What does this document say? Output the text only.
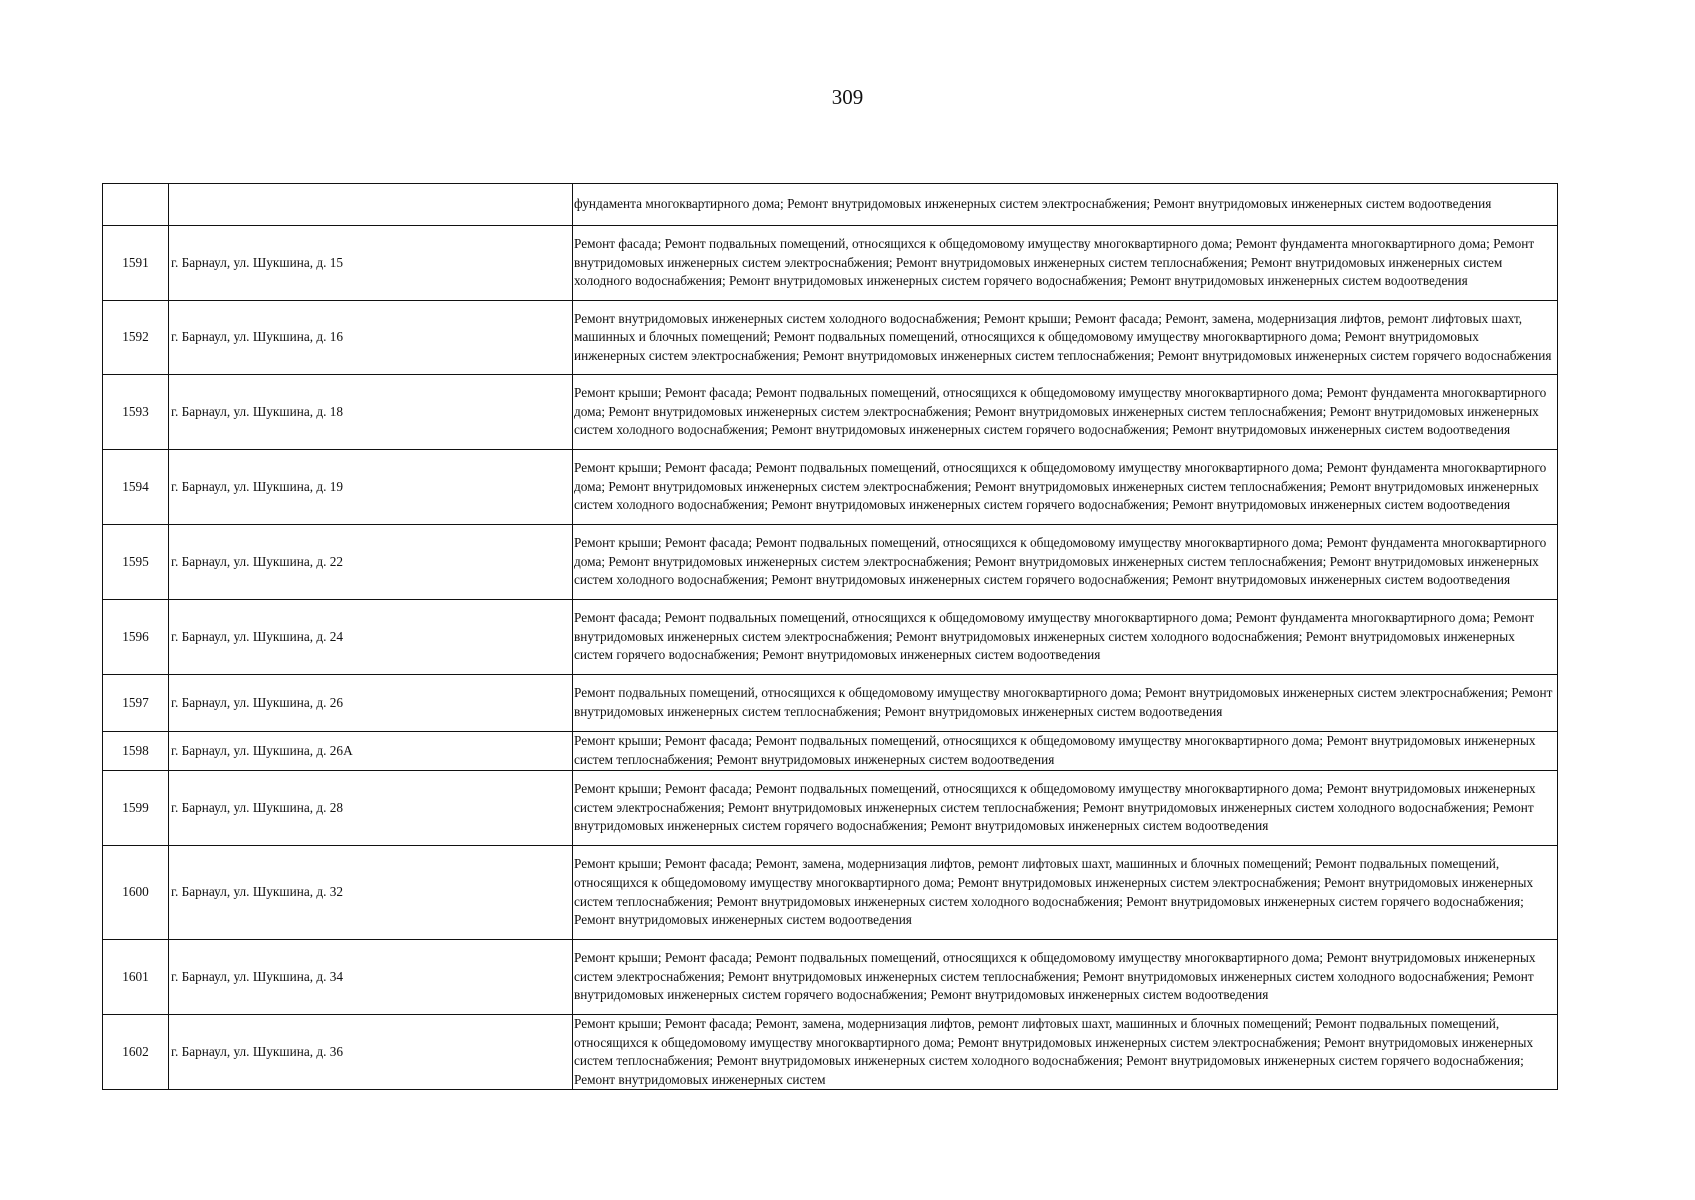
309
		фундамента многоквартирного дома; Ремонт внутридомовых инженерных систем электроснабжения; Ремонт внутридомовых инженерных систем водоотведения
1591	г. Барнаул, ул. Шукшина, д. 15	Ремонт фасада; Ремонт подвальных помещений, относящихся к общедомовому имуществу многоквартирного дома; Ремонт фундамента многоквартирного дома; Ремонт внутридомовых инженерных систем электроснабжения; Ремонт внутридомовых инженерных систем теплоснабжения; Ремонт внутридомовых инженерных систем холодного водоснабжения; Ремонт внутридомовых инженерных систем горячего водоснабжения; Ремонт внутридомовых инженерных систем водоотведения
1592	г. Барнаул, ул. Шукшина, д. 16	Ремонт внутридомовых инженерных систем холодного водоснабжения; Ремонт крыши; Ремонт фасада; Ремонт, замена, модернизация лифтов, ремонт лифтовых шахт, машинных и блочных помещений; Ремонт подвальных помещений, относящихся к общедомовому имуществу многоквартирного дома; Ремонт внутридомовых инженерных систем электроснабжения; Ремонт внутридомовых инженерных систем теплоснабжения; Ремонт внутридомовых инженерных систем горячего водоснабжения
1593	г. Барнаул, ул. Шукшина, д. 18	Ремонт крыши; Ремонт фасада; Ремонт подвальных помещений, относящихся к общедомовому имуществу многоквартирного дома; Ремонт фундамента многоквартирного дома; Ремонт внутридомовых инженерных систем электроснабжения; Ремонт внутридомовых инженерных систем теплоснабжения; Ремонт внутридомовых инженерных систем холодного водоснабжения; Ремонт внутридомовых инженерных систем горячего водоснабжения; Ремонт внутридомовых инженерных систем водоотведения
1594	г. Барнаул, ул. Шукшина, д. 19	Ремонт крыши; Ремонт фасада; Ремонт подвальных помещений, относящихся к общедомовому имуществу многоквартирного дома; Ремонт фундамента многоквартирного дома; Ремонт внутридомовых инженерных систем электроснабжения; Ремонт внутридомовых инженерных систем теплоснабжения; Ремонт внутридомовых инженерных систем холодного водоснабжения; Ремонт внутридомовых инженерных систем горячего водоснабжения; Ремонт внутридомовых инженерных систем водоотведения
1595	г. Барнаул, ул. Шукшина, д. 22	Ремонт крыши; Ремонт фасада; Ремонт подвальных помещений, относящихся к общедомовому имуществу многоквартирного дома; Ремонт фундамента многоквартирного дома; Ремонт внутридомовых инженерных систем электроснабжения; Ремонт внутридомовых инженерных систем теплоснабжения; Ремонт внутридомовых инженерных систем холодного водоснабжения; Ремонт внутридомовых инженерных систем горячего водоснабжения; Ремонт внутридомовых инженерных систем водоотведения
1596	г. Барнаул, ул. Шукшина, д. 24	Ремонт фасада; Ремонт подвальных помещений, относящихся к общедомовому имуществу многоквартирного дома; Ремонт фундамента многоквартирного дома; Ремонт внутридомовых инженерных систем электроснабжения; Ремонт внутридомовых инженерных систем холодного водоснабжения; Ремонт внутридомовых инженерных систем горячего водоснабжения; Ремонт внутридомовых инженерных систем водоотведения
1597	г. Барнаул, ул. Шукшина, д. 26	Ремонт подвальных помещений, относящихся к общедомовому имуществу многоквартирного дома; Ремонт внутридомовых инженерных систем электроснабжения; Ремонт внутридомовых инженерных систем теплоснабжения; Ремонт внутридомовых инженерных систем водоотведения
1598	г. Барнаул, ул. Шукшина, д. 26А	Ремонт крыши; Ремонт фасада; Ремонт подвальных помещений, относящихся к общедомовому имуществу многоквартирного дома; Ремонт внутридомовых инженерных систем теплоснабжения; Ремонт внутридомовых инженерных систем водоотведения
1599	г. Барнаул, ул. Шукшина, д. 28	Ремонт крыши; Ремонт фасада; Ремонт подвальных помещений, относящихся к общедомовому имуществу многоквартирного дома; Ремонт внутридомовых инженерных систем электроснабжения; Ремонт внутридомовых инженерных систем теплоснабжения; Ремонт внутридомовых инженерных систем холодного водоснабжения; Ремонт внутридомовых инженерных систем горячего водоснабжения; Ремонт внутридомовых инженерных систем водоотведения
1600	г. Барнаул, ул. Шукшина, д. 32	Ремонт крыши; Ремонт фасада; Ремонт, замена, модернизация лифтов, ремонт лифтовых шахт, машинных и блочных помещений; Ремонт подвальных помещений, относящихся к общедомовому имуществу многоквартирного дома; Ремонт внутридомовых инженерных систем электроснабжения; Ремонт внутридомовых инженерных систем теплоснабжения; Ремонт внутридомовых инженерных систем холодного водоснабжения; Ремонт внутридомовых инженерных систем горячего водоснабжения; Ремонт внутридомовых инженерных систем водоотведения
1601	г. Барнаул, ул. Шукшина, д. 34	Ремонт крыши; Ремонт фасада; Ремонт подвальных помещений, относящихся к общедомовому имуществу многоквартирного дома; Ремонт внутридомовых инженерных систем электроснабжения; Ремонт внутридомовых инженерных систем теплоснабжения; Ремонт внутридомовых инженерных систем холодного водоснабжения; Ремонт внутридомовых инженерных систем горячего водоснабжения; Ремонт внутридомовых инженерных систем водоотведения
1602	г. Барнаул, ул. Шукшина, д. 36	Ремонт крыши; Ремонт фасада; Ремонт, замена, модернизация лифтов, ремонт лифтовых шахт, машинных и блочных помещений; Ремонт подвальных помещений, относящихся к общедомовому имуществу многоквартирного дома; Ремонт внутридомовых инженерных систем электроснабжения; Ремонт внутридомовых инженерных систем теплоснабжения; Ремонт внутридомовых инженерных систем холодного водоснабжения; Ремонт внутридомовых инженерных систем горячего водоснабжения; Ремонт внутридомовых инженерных систем
